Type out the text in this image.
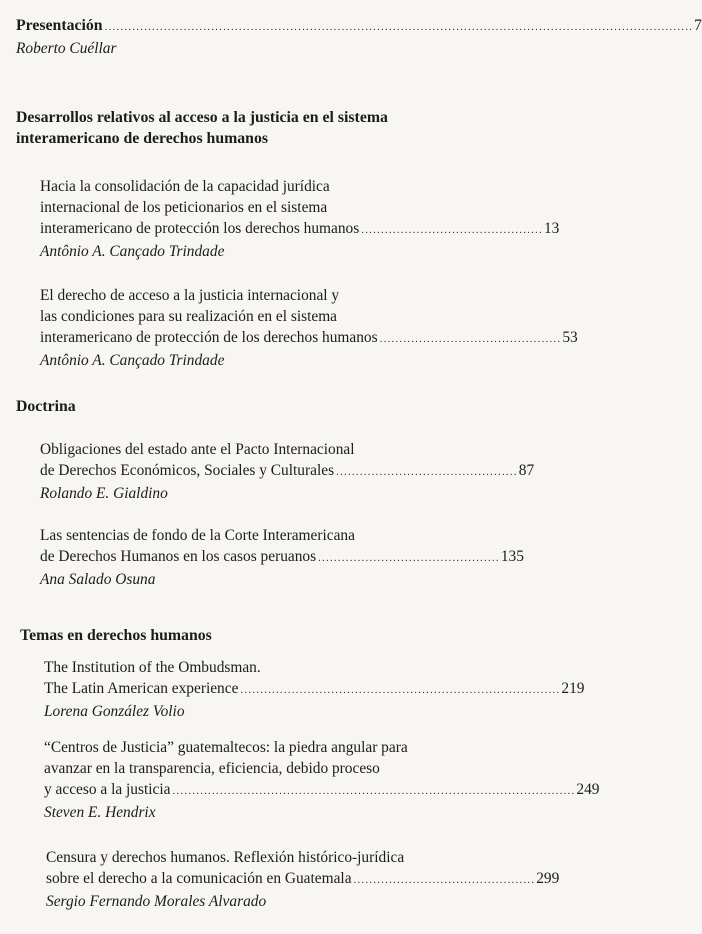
Presentación ..................................................................................................................................................... 7
Roberto Cuéllar
Desarrollos relativos al acceso a la justicia en el sistema
interamericano de derechos humanos
Hacia la consolidación de la capacidad jurídica
internacional de los peticionarios en el sistema
interamericano de protección los derechos humanos .............................................. 13
Antônio A. Cançado Trindade
El derecho de acceso a la justicia internacional y
las condiciones para su realización en el sistema
interamericano de protección de los derechos humanos .............................................. 53
Antônio A. Cançado Trindade
Doctrina
Obligaciones del estado ante el Pacto Internacional
de Derechos Económicos, Sociales y Culturales .............................................. 87
Rolando E. Gialdino
Las sentencias de fondo de la Corte Interamericana
de Derechos Humanos en los casos peruanos .............................................. 135
Ana Salado Osuna
Temas en derechos humanos
The Institution of the Ombudsman.
The Latin American experience ................................................................................. 219
Lorena González Volio
“Centros de Justicia” guatemaltecos: la piedra angular para
avanzar en la transparencia, eficiencia, debido proceso
y acceso a la justicia ...................................................................................................... 249
Steven E. Hendrix
Censura y derechos humanos. Reflexión histórico-jurídica
sobre el derecho a la comunicación en Guatemala .............................................. 299
Sergio Fernando Morales Alvarado
